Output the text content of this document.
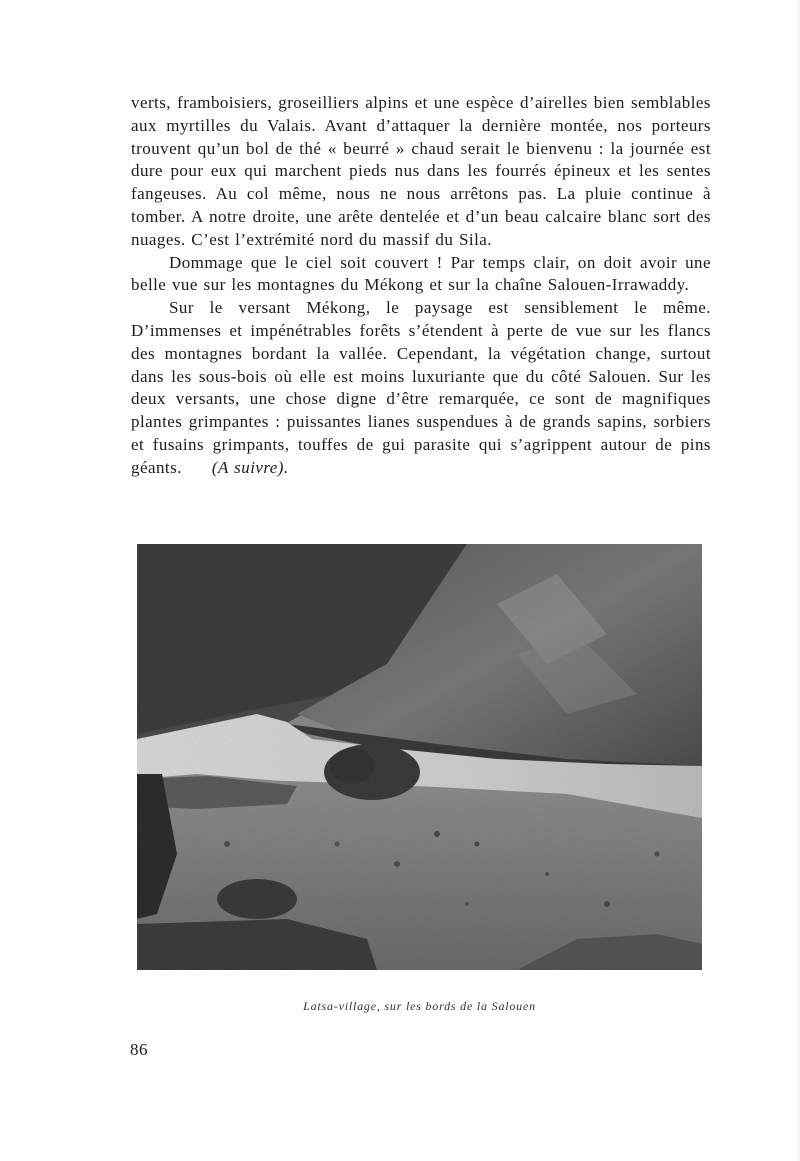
verts, framboisiers, groseilliers alpins et une espèce d’airelles bien semblables aux myrtilles du Valais. Avant d’attaquer la dernière montée, nos porteurs trouvent qu’un bol de thé « beurré » chaud serait le bienvenu : la journée est dure pour eux qui marchent pieds nus dans les fourrés épineux et les sentes fangeuses. Au col même, nous ne nous arrêtons pas. La pluie continue à tomber. A notre droite, une arête dentelée et d’un beau calcaire blanc sort des nuages. C’est l’extrémité nord du massif du Sila.

Dommage que le ciel soit couvert ! Par temps clair, on doit avoir une belle vue sur les montagnes du Mékong et sur la chaîne Salouen-Irrawaddy.

Sur le versant Mékong, le paysage est sensiblement le même. D’immenses et impénétrables forêts s’étendent à perte de vue sur les flancs des montagnes bordant la vallée. Cependant, la végétation change, surtout dans les sous-bois où elle est moins luxuriante que du côté Salouen. Sur les deux versants, une chose digne d’être remarquée, ce sont de magnifiques plantes grimpantes : puissantes lianes suspendues à de grands sapins, sorbiers et fusains grimpants, touffes de gui parasite qui s’agrippent autour de pins géants. (A suivre).

Latsa-village, sur les bords de la Salouen
86
